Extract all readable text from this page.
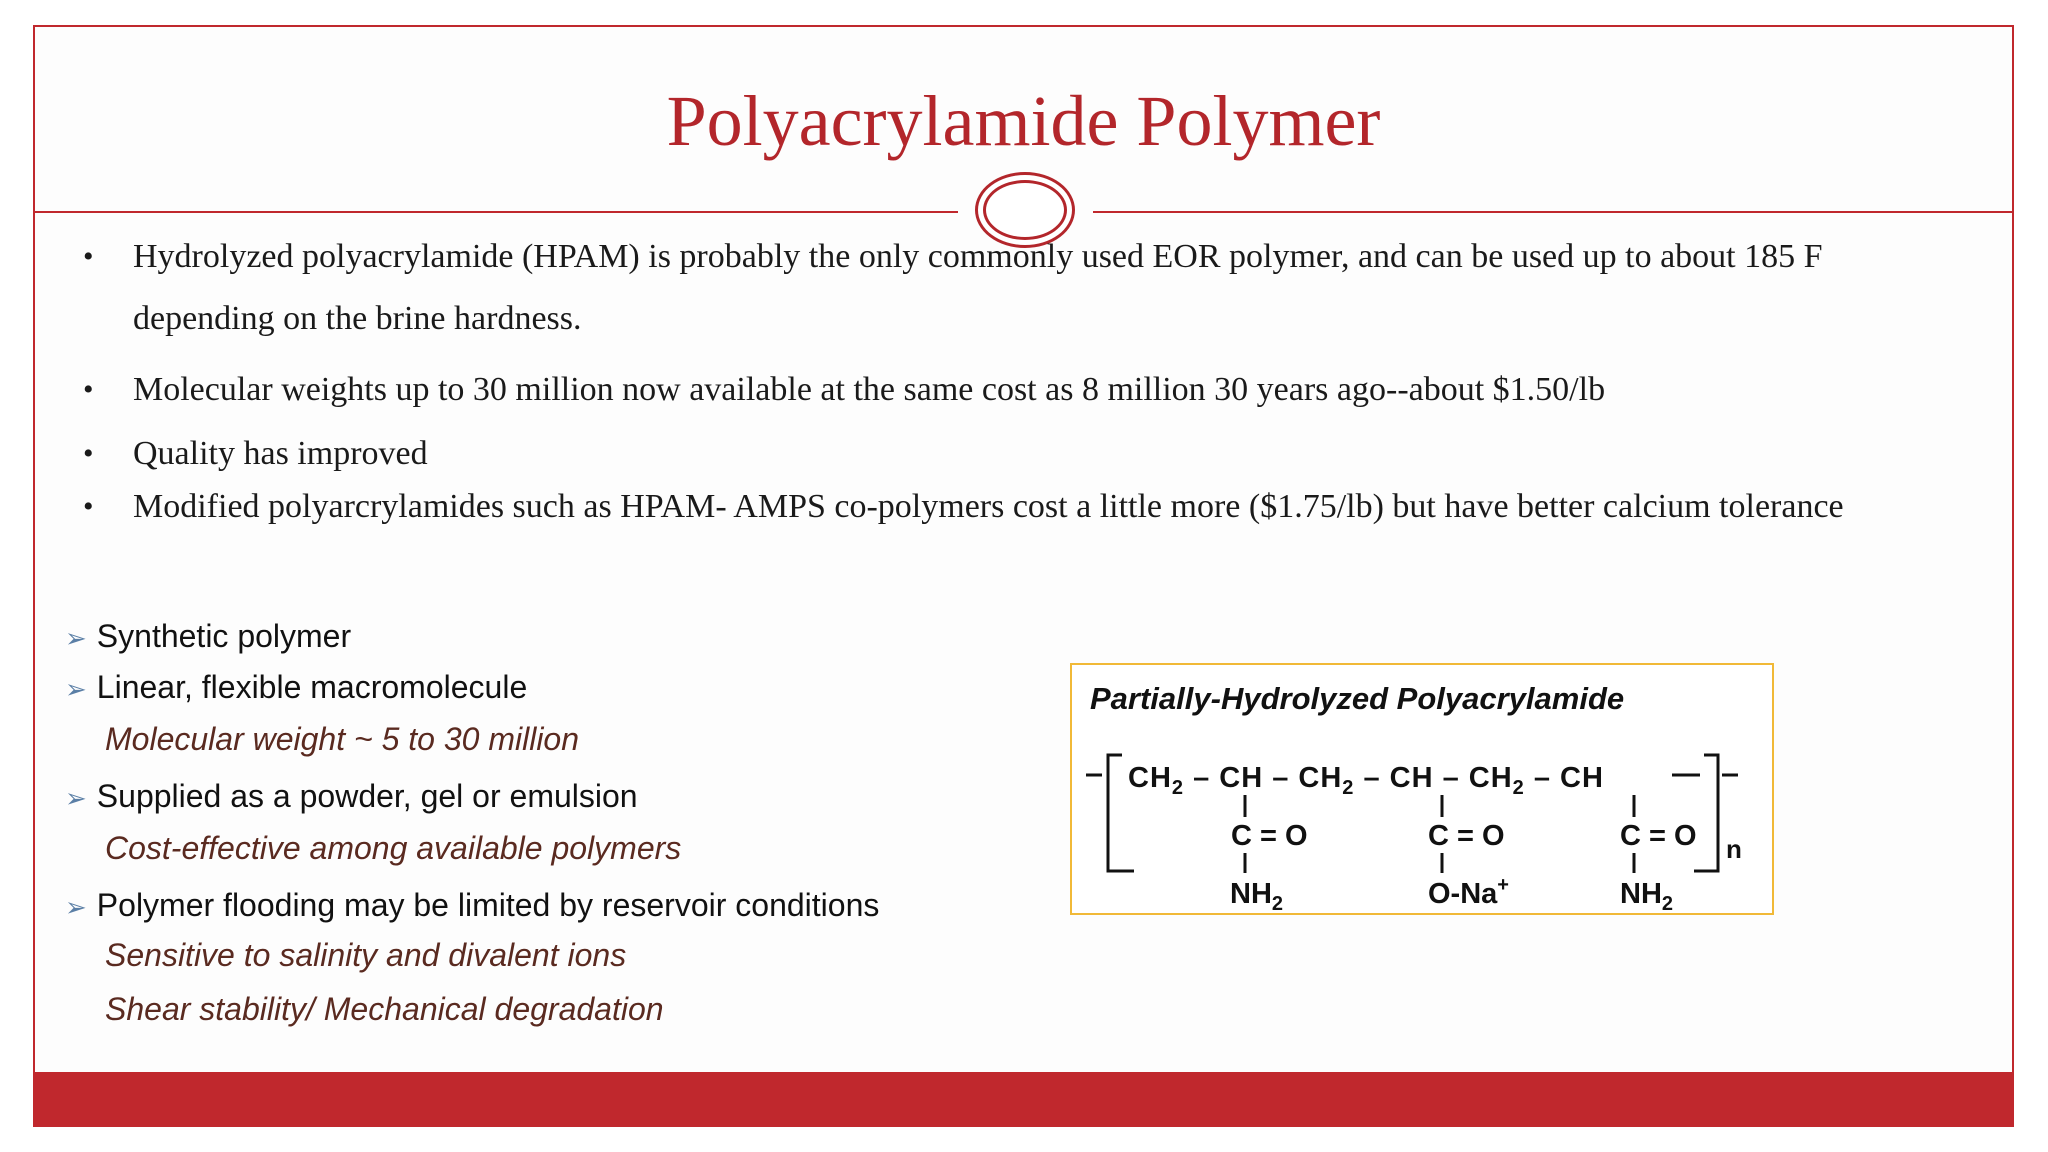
Polyacrylamide Polymer
•	Hydrolyzed polyacrylamide (HPAM) is probably the only commonly used EOR polymer, and can be used up to about 185 F depending on the brine hardness.
•	Molecular weights up to 30 million now available at the same cost as 8 million 30 years ago--about $1.50/lb
•	Quality has improved
•	Modified polyarcrylamides such as HPAM- AMPS co-polymers cost a little more ($1.75/lb) but have better calcium tolerance
➢ Synthetic polymer
➢ Linear, flexible macromolecule
Molecular weight ~ 5 to 30 million
➢ Supplied as a powder, gel or emulsion
Cost-effective among available polymers
➢ Polymer flooding may be limited by reservoir conditions
Sensitive to salinity and divalent ions
Shear stability/ Mechanical degradation
Partially-Hydrolyzed Polyacrylamide
$CH_2$ – CH – $CH_2$ – CH – $CH_2$ – CH
C = O	C = O	C = O
$NH_2$	O-Na+	$NH_2$
n
